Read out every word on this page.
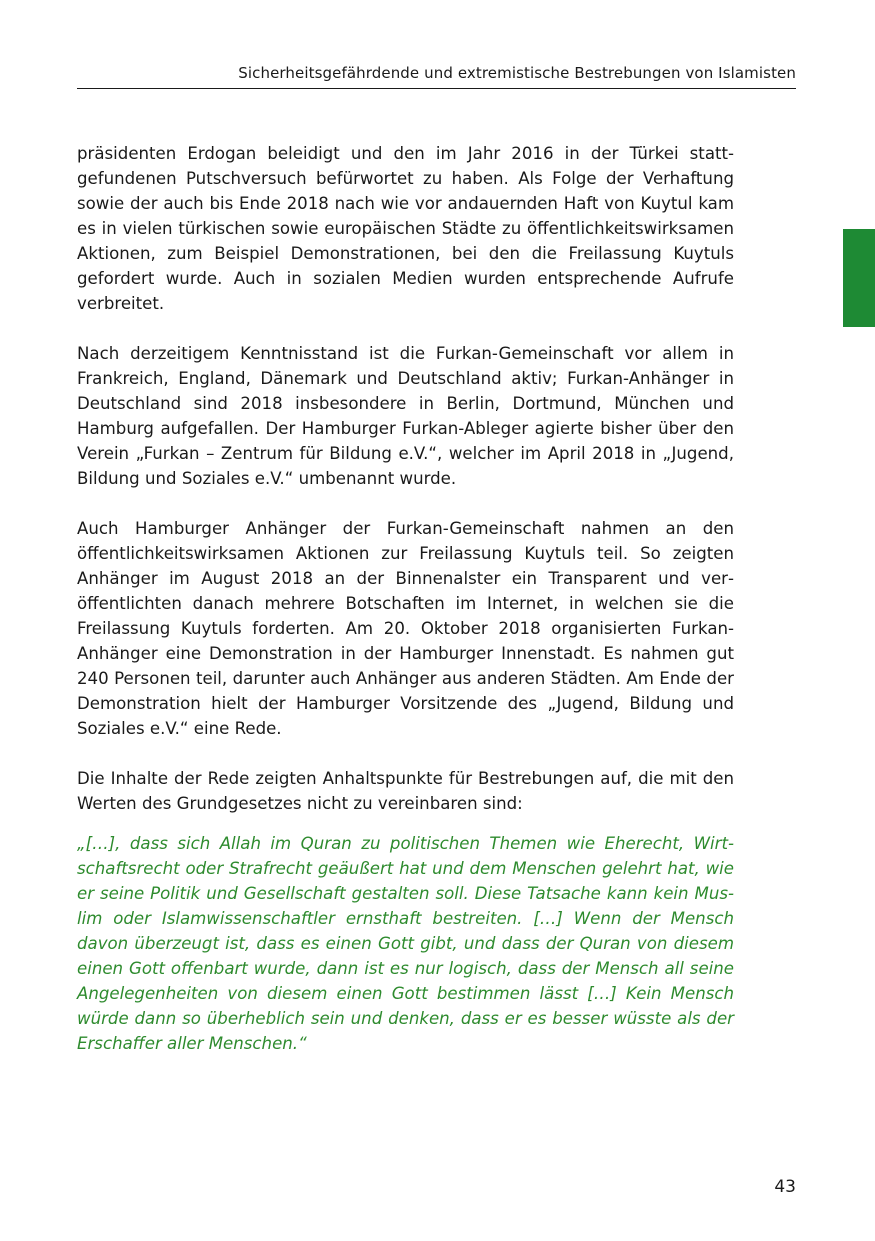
Sicherheitsgefährdende und extremistische Bestrebungen von Islamisten

präsidenten Erdogan beleidigt und den im Jahr 2016 in der Türkei stattgefundenen Putschversuch befürwortet zu haben. Als Folge der Verhaftung sowie der auch bis Ende 2018 nach wie vor andauernden Haft von Kuytul kam es in vielen türkischen sowie europäischen Städte zu öffentlichkeitswirksamen Aktionen, zum Beispiel Demonstrationen, bei den die Freilassung Kuytuls gefordert wurde. Auch in sozialen Medien wurden entsprechende Aufrufe verbreitet.

Nach derzeitigem Kenntnisstand ist die Furkan-Gemeinschaft vor allem in Frankreich, England, Dänemark und Deutschland aktiv; Furkan-Anhänger in Deutschland sind 2018 insbesondere in Berlin, Dortmund, München und Hamburg aufgefallen. Der Hamburger Furkan-Ableger agierte bisher über den Verein „Furkan – Zentrum für Bildung e.V.“, welcher im April 2018 in „Jugend, Bildung und Soziales e.V.“ umbenannt wurde.

Auch Hamburger Anhänger der Furkan-Gemeinschaft nahmen an den öffentlichkeitswirksamen Aktionen zur Freilassung Kuytuls teil. So zeigten Anhänger im August 2018 an der Binnenalster ein Transparent und veröffentlichten danach mehrere Botschaften im Internet, in welchen sie die Freilassung Kuytuls forderten. Am 20. Oktober 2018 organisierten Furkan-Anhänger eine Demonstration in der Hamburger Innenstadt. Es nahmen gut 240 Personen teil, darunter auch Anhänger aus anderen Städten. Am Ende der Demonstration hielt der Hamburger Vorsitzende des „Jugend, Bildung und Soziales e.V.“ eine Rede.

Die Inhalte der Rede zeigten Anhaltspunkte für Bestrebungen auf, die mit den Werten des Grundgesetzes nicht zu vereinbaren sind:

„[…], dass sich Allah im Quran zu politischen Themen wie Eherecht, Wirtschaftsrecht oder Strafrecht geäußert hat und dem Menschen gelehrt hat, wie er seine Politik und Gesellschaft gestalten soll. Diese Tatsache kann kein Muslim oder Islamwissenschaftler ernsthaft bestreiten. […] Wenn der Mensch davon überzeugt ist, dass es einen Gott gibt, und dass der Quran von diesem einen Gott offenbart wurde, dann ist es nur logisch, dass der Mensch all seine Angelegenheiten von diesem einen Gott bestimmen lässt […] Kein Mensch würde dann so überheblich sein und denken, dass er es besser wüsste als der Erschaffer aller Menschen.“

43
